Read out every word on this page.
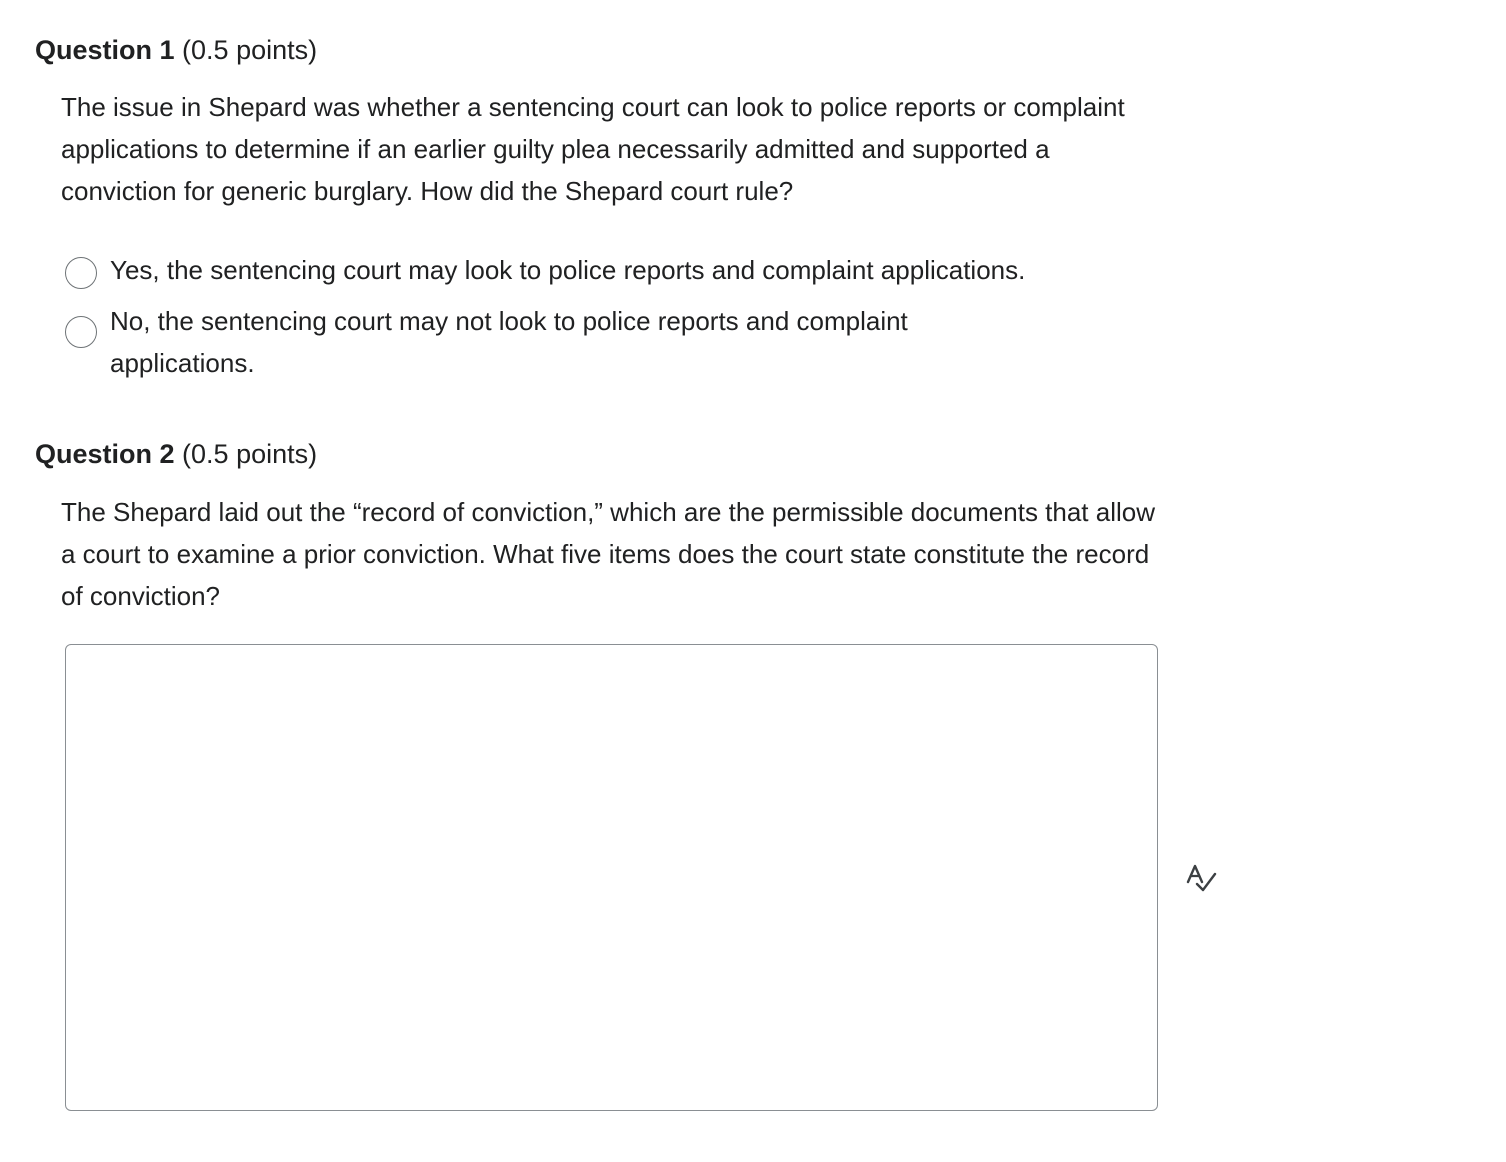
Question 1 (0.5 points)
The issue in Shepard was whether a sentencing court can look to police reports or complaint applications to determine if an earlier guilty plea necessarily admitted and supported a conviction for generic burglary. How did the Shepard court rule?
Yes, the sentencing court may look to police reports and complaint applications.
No, the sentencing court may not look to police reports and complaint applications.
Question 2 (0.5 points)
The Shepard laid out the “record of conviction,” which are the permissible documents that allow a court to examine a prior conviction. What five items does the court state constitute the record of conviction?
